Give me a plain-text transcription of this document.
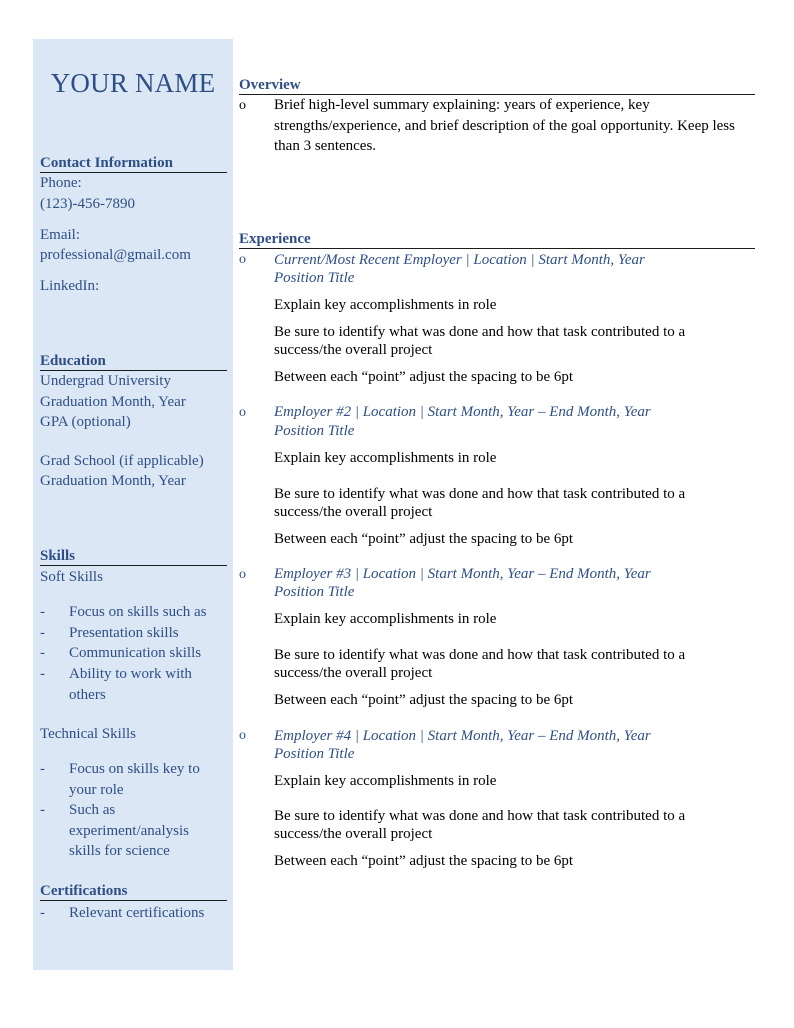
YOUR NAME
Contact Information
Phone:
(123)-456-7890
Email:
professional@gmail.com
LinkedIn:
Education
Undergrad University
Graduation Month, Year
GPA (optional)
Grad School (if applicable)
Graduation Month, Year
Skills
Soft Skills
- Focus on skills such as
- Presentation skills
- Communication skills
- Ability to work with others
Technical Skills
- Focus on skills key to your role
- Such as experiment/analysis skills for science
Certifications
- Relevant certifications
Overview
o Brief high-level summary explaining: years of experience, key strengths/experience, and brief description of the goal opportunity. Keep less than 3 sentences.
Experience
o Current/Most Recent Employer | Location | Start Month, Year
Position Title
Explain key accomplishments in role
Be sure to identify what was done and how that task contributed to a success/the overall project
Between each “point” adjust the spacing to be 6pt
o Employer #2 | Location | Start Month, Year – End Month, Year
Position Title
Explain key accomplishments in role
Be sure to identify what was done and how that task contributed to a success/the overall project
Between each “point” adjust the spacing to be 6pt
o Employer #3 | Location | Start Month, Year – End Month, Year
Position Title
Explain key accomplishments in role
Be sure to identify what was done and how that task contributed to a success/the overall project
Between each “point” adjust the spacing to be 6pt
o Employer #4 | Location | Start Month, Year – End Month, Year
Position Title
Explain key accomplishments in role
Be sure to identify what was done and how that task contributed to a success/the overall project
Between each “point” adjust the spacing to be 6pt
